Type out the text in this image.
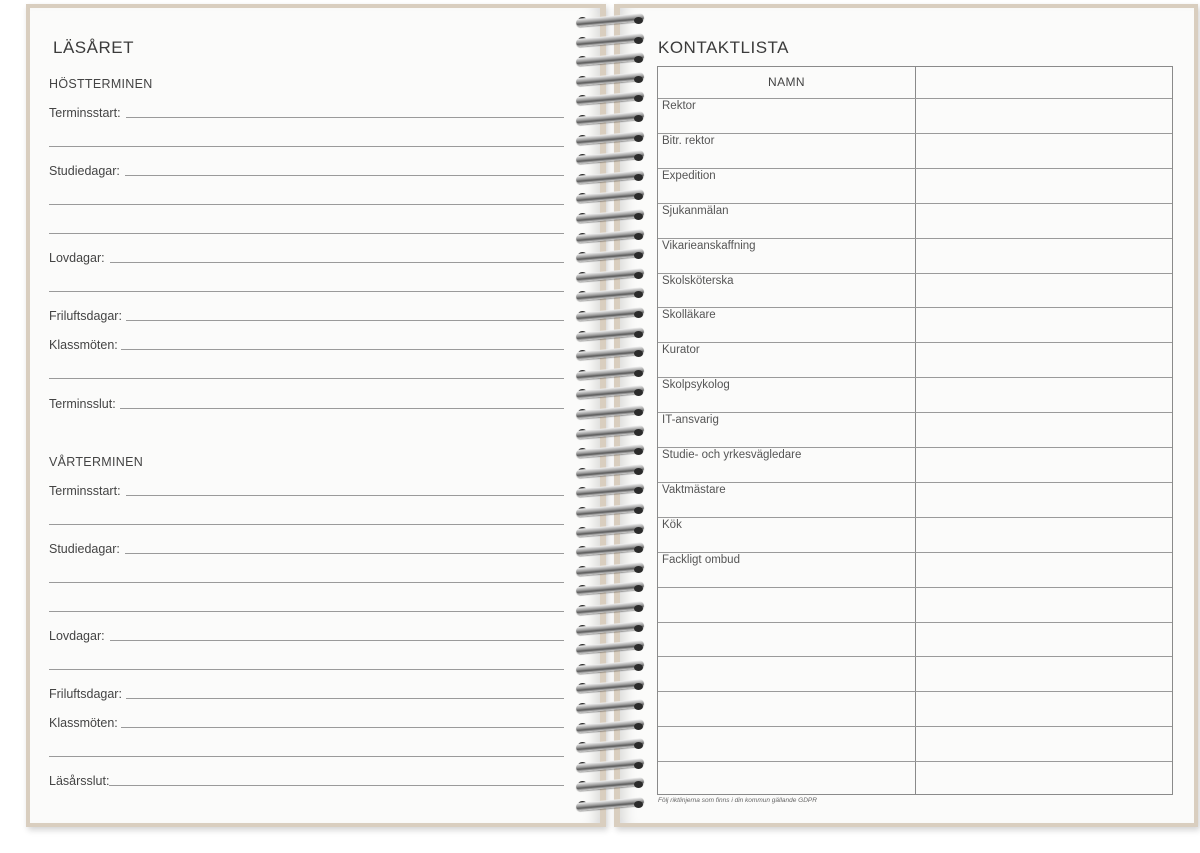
LÄSÅRET
HÖSTTERMINEN
Terminsstart:
Studiedagar:
Lovdagar:
Friluftsdagar:
Klassmöten:
Terminsslut:
VÅRTERMINEN
Terminsstart:
Studiedagar:
Lovdagar:
Friluftsdagar:
Klassmöten:
Läsårsslut:
KONTAKTLISTA
NAMN
Rektor
Bitr. rektor
Expedition
Sjukanmälan
Vikarieanskaffning
Skolsköterska
Skolläkare
Kurator
Skolpsykolog
IT-ansvarig
Studie- och yrkesvägledare
Vaktmästare
Kök
Fackligt ombud
Följ riktlinjerna som finns i din kommun gällande GDPR
